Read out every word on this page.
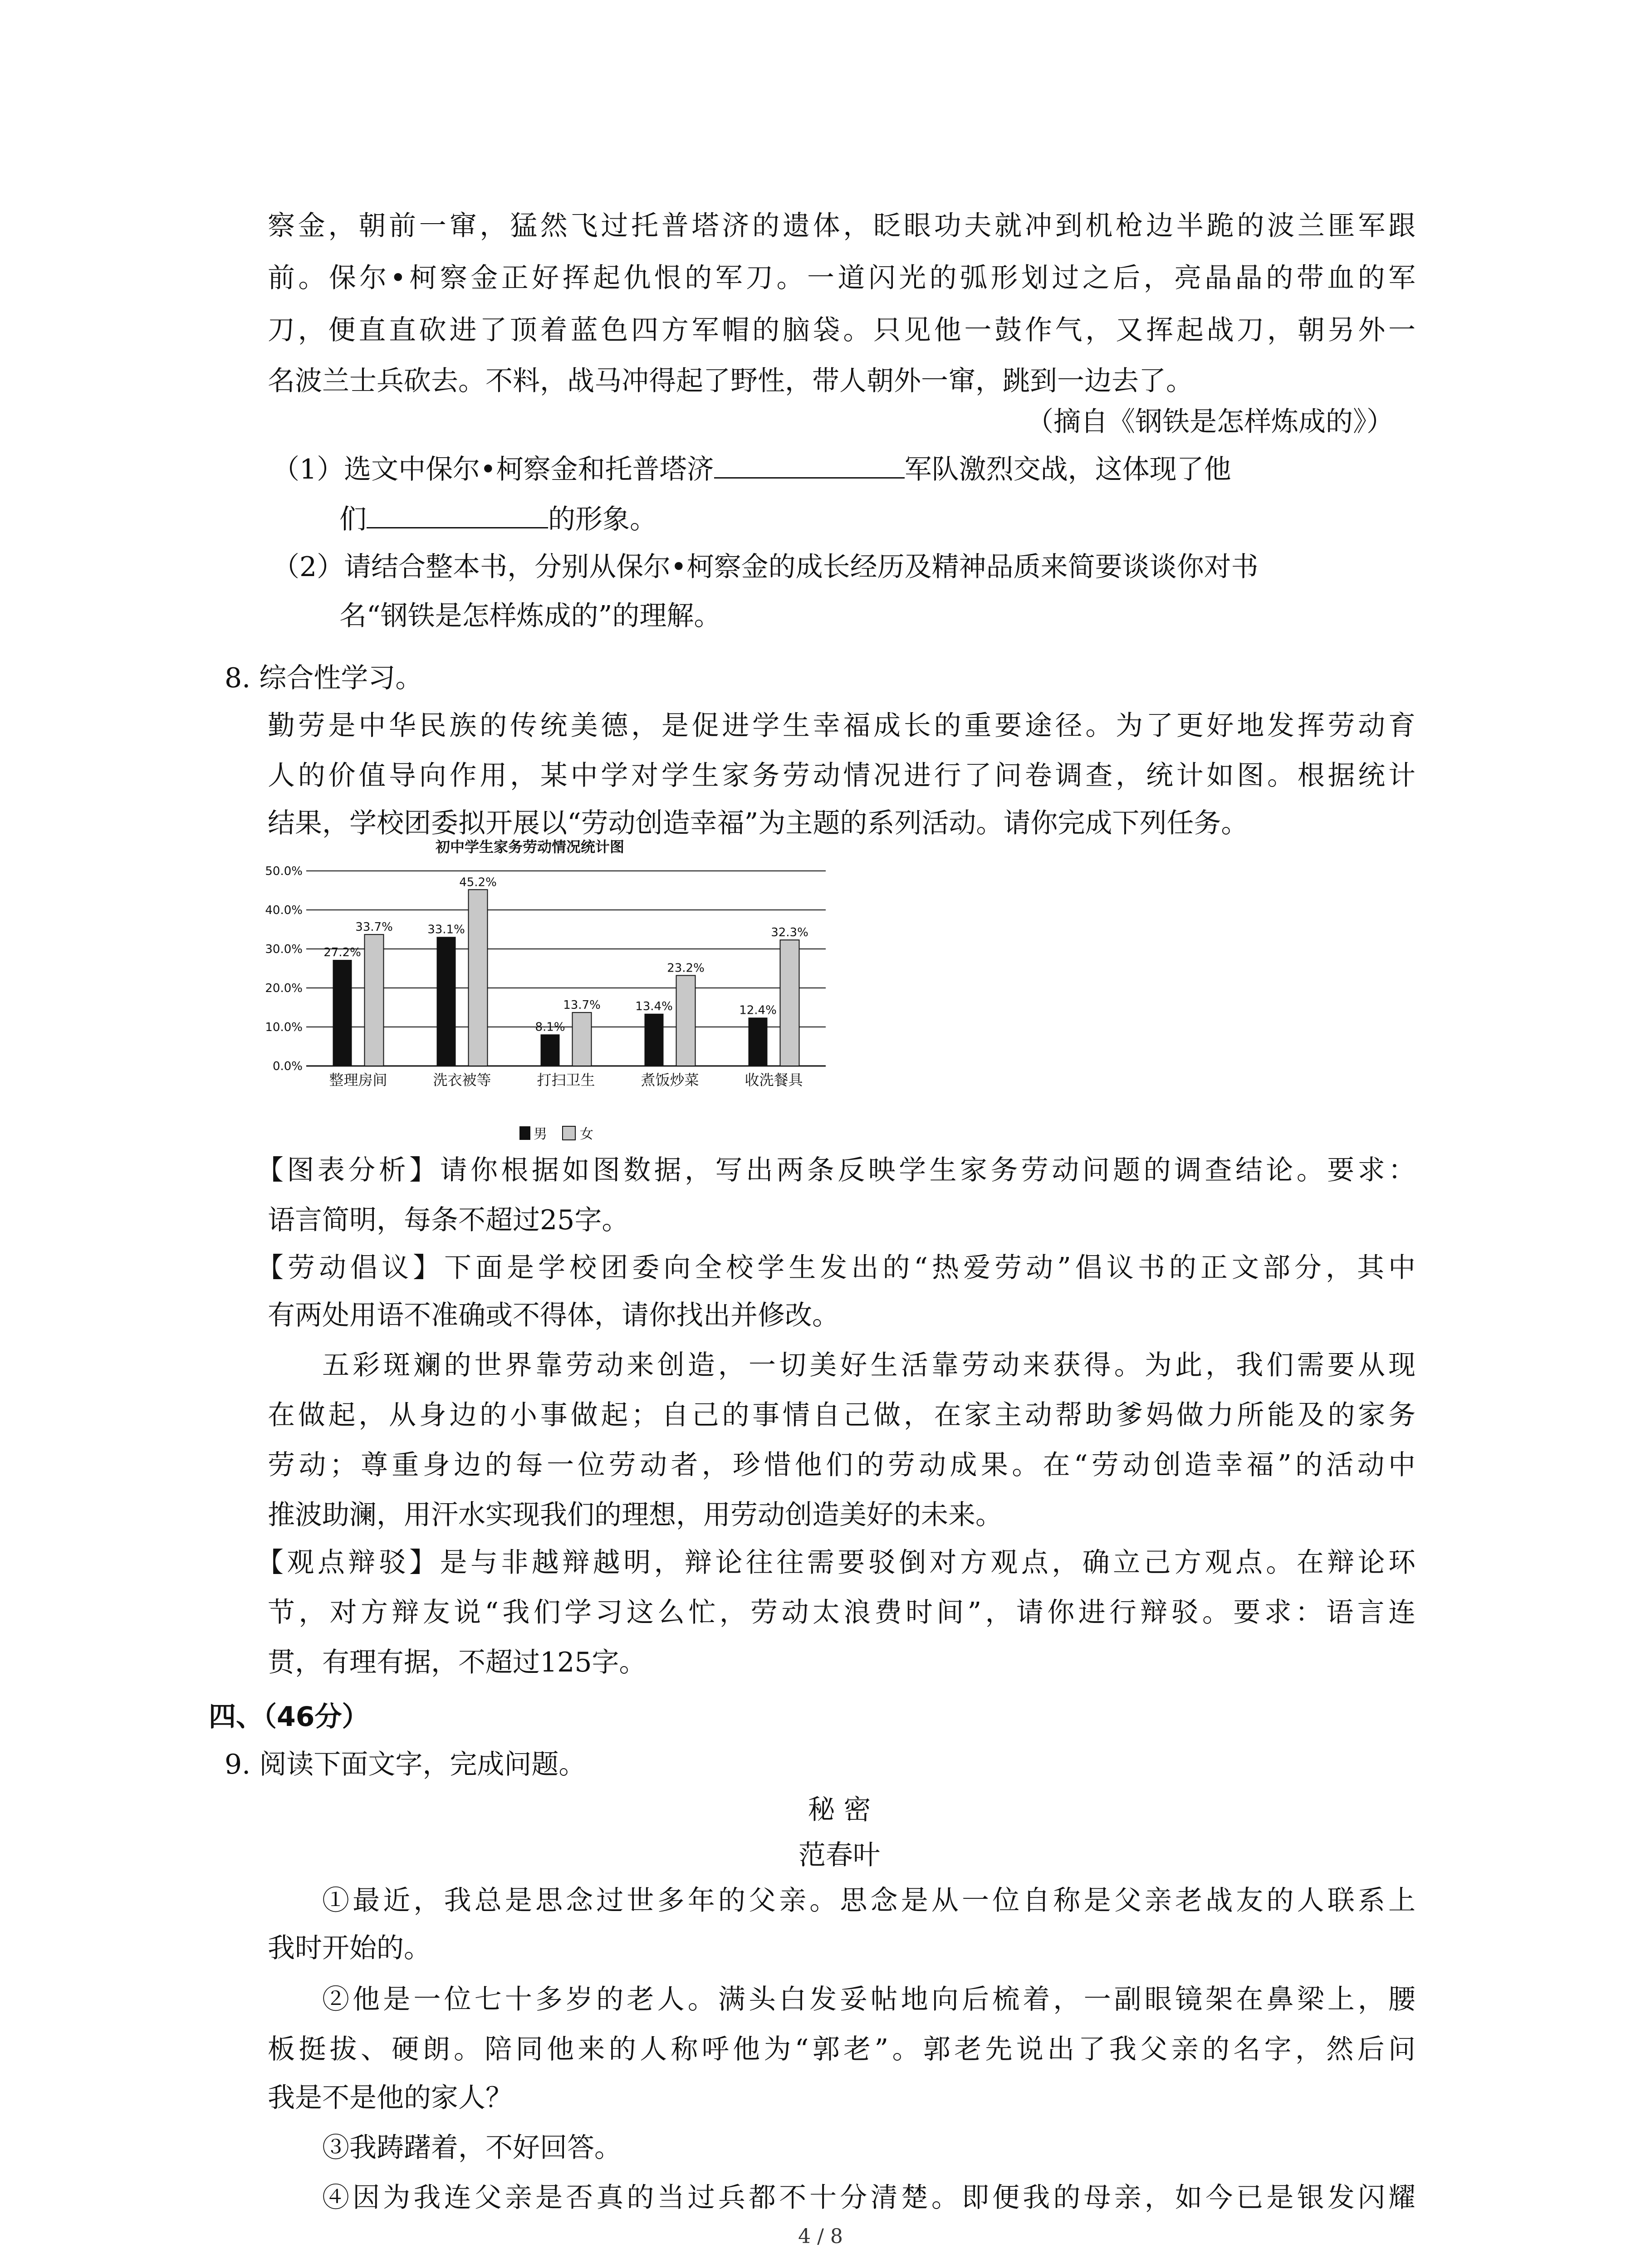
察金，朝前一窜，猛然飞过托普塔济的遗体，眨眼功夫就冲到机枪边半跪的波兰匪军跟

前。保尔•柯察金正好挥起仇恨的军刀。一道闪光的弧形划过之后，亮晶晶的带血的军

刀，便直直砍进了顶着蓝色四方军帽的脑袋。只见他一鼓作气，又挥起战刀，朝另外一

名波兰士兵砍去。不料，战马冲得起了野性，带人朝外一窜，跳到一边去了。

（摘自《钢铁是怎样炼成的》）

（1）选文中保尔•柯察金和托普塔济	军队激烈交战，这体现了他

们	的形象。

（2）请结合整本书，分别从保尔•柯察金的成长经历及精神品质来简要谈谈你对书

名“钢铁是怎样炼成的”的理解。

8. 综合性学习。

勤劳是中华民族的传统美德，是促进学生幸福成长的重要途径。为了更好地发挥劳动育

人的价值导向作用，某中学对学生家务劳动情况进行了问卷调查，统计如图。根据统计

结果，学校团委拟开展以“劳动创造幸福”为主题的系列活动。请你完成下列任务。

初中学生家务劳动情况统计图
0.0%
10.0%
20.0%
30.0%
40.0%
50.0%
27.2%
33.7%	33.1%
45.2%
8.1%
13.7%	13.4%
23.2%
12.4%
32.3%
整理房间	洗衣被等	打扫卫生	煮饭炒菜	收洗餐具
男 女

【图表分析】请你根据如图数据，写出两条反映学生家务劳动问题的调查结论。要求：

语言简明，每条不超过25字。

【劳动倡议】下面是学校团委向全校学生发出的“热爱劳动”倡议书的正文部分，其中

有两处用语不准确或不得体，请你找出并修改。

五彩斑斓的世界靠劳动来创造，一切美好生活靠劳动来获得。为此，我们需要从现

在做起，从身边的小事做起；自己的事情自己做，在家主动帮助爹妈做力所能及的家务

劳动；尊重身边的每一位劳动者，珍惜他们的劳动成果。在“劳动创造幸福”的活动中

推波助澜，用汗水实现我们的理想，用劳动创造美好的未来。

【观点辩驳】是与非越辩越明，辩论往往需要驳倒对方观点，确立己方观点。在辩论环

节，对方辩友说“我们学习这么忙，劳动太浪费时间”，请你进行辩驳。要求：语言连

贯，有理有据，不超过125字。

四、（46分）

9. 阅读下面文字，完成问题。

秘 密

范春叶

①最近，我总是思念过世多年的父亲。思念是从一位自称是父亲老战友的人联系上

我时开始的。

②他是一位七十多岁的老人。满头白发妥帖地向后梳着，一副眼镜架在鼻梁上，腰

板挺拔、硬朗。陪同他来的人称呼他为“郭老”。郭老先说出了我父亲的名字，然后问

我是不是他的家人？

③我踌躇着，不好回答。

④因为我连父亲是否真的当过兵都不十分清楚。即便我的母亲，如今已是银发闪耀

4 / 8
